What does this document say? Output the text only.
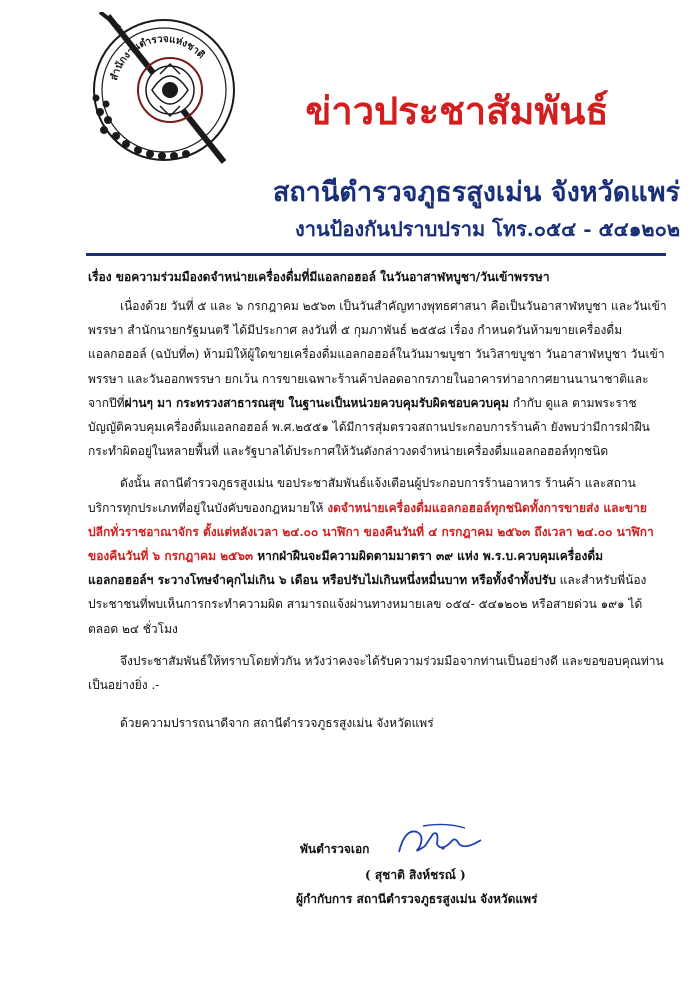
สำนักงานตำรวจแห่งชาติ
ข่าวประชาสัมพันธ์
สถานีตำรวจภูธรสูงเม่น จังหวัดแพร่
งานป้องกันปราบปราม โทร.๐๕๔ - ๕๔๑๒๐๒
เรื่อง ขอความร่วมมืองดจำหน่ายเครื่องดื่มที่มีแอลกอฮอล์ ในวันอาสาฬหบูชา/วันเข้าพรรษา

เนื่องด้วย วันที่ ๕ และ ๖ กรกฎาคม ๒๕๖๓ เป็นวันสำคัญทางพุทธศาสนา คือเป็นวันอาสาฬหบูชา และวันเข้าพรรษา สำนักนายกรัฐมนตรี ได้มีประกาศ ลงวันที่ ๕ กุมภาพันธ์ ๒๕๕๘ เรื่อง กำหนดวันห้ามขายเครื่องดื่มแอลกอฮอล์ (ฉบับที่๓) ห้ามมิให้ผู้ใดขายเครื่องดื่มแอลกอฮอล์ในวันมาฆบูชา วันวิสาขบูชา วันอาสาฬหบูชา วันเข้าพรรษา และวันออกพรรษา ยกเว้น การขายเฉพาะร้านค้าปลอดอากรภายในอาคารท่าอากาศยานนานาชาติและจากปีที่ผ่านๆ มา กระทรวงสาธารณสุข ในฐานะเป็นหน่วยควบคุมรับผิดชอบควบคุม กำกับ ดูแล ตามพระราชบัญญัติควบคุมเครื่องดื่มแอลกอฮอล์ พ.ศ.๒๕๕๑ ได้มีการสุ่มตรวจสถานประกอบการร้านค้า ยังพบว่ามีการฝ่าฝืนกระทำผิดอยู่ในหลายพื้นที่ และรัฐบาลได้ประกาศให้วันดังกล่าวงดจำหน่ายเครื่องดื่มแอลกอฮอล์ทุกชนิด

ดังนั้น สถานีตำรวจภูธรสูงเม่น ขอประชาสัมพันธ์แจ้งเตือนผู้ประกอบการร้านอาหาร ร้านค้า และสถานบริการทุกประเภทที่อยู่ในบังคับของกฎหมายให้ งดจำหน่ายเครื่องดื่มแอลกอฮอล์ทุกชนิดทั้งการขายส่ง และขายปลีกทั่วราชอาณาจักร ตั้งแต่หลังเวลา ๒๔.๐๐ นาฬิกา ของคืนวันที่ ๔ กรกฎาคม ๒๕๖๓ ถึงเวลา ๒๔.๐๐ นาฬิกา ของคืนวันที่ ๖ กรกฎาคม ๒๕๖๓ หากฝ่าฝืนจะมีความผิดตามมาตรา ๓๙ แห่ง พ.ร.บ.ควบคุมเครื่องดื่มแอลกอฮอล์ฯ ระวางโทษจำคุกไม่เกิน ๖ เดือน หรือปรับไม่เกินหนึ่งหมื่นบาท หรือทั้งจำทั้งปรับ และสำหรับพี่น้องประชาชนที่พบเห็นการกระทำความผิด สามารถแจ้งผ่านทางหมายเลข ๐๕๔- ๕๔๑๒๐๒ หรือสายด่วน ๑๙๑ ได้ตลอด ๒๔ ชั่วโมง

จึงประชาสัมพันธ์ให้ทราบโดยทั่วกัน หวังว่าคงจะได้รับความร่วมมือจากท่านเป็นอย่างดี และขอขอบคุณท่านเป็นอย่างยิ่ง .-

ด้วยความปรารถนาดีจาก สถานีตำรวจภูธรสูงเม่น จังหวัดแพร่

พันตำรวจเอก
( สุชาติ สิงห์ชรณ์ )
ผู้กำกับการ สถานีตำรวจภูธรสูงเม่น จังหวัดแพร่
